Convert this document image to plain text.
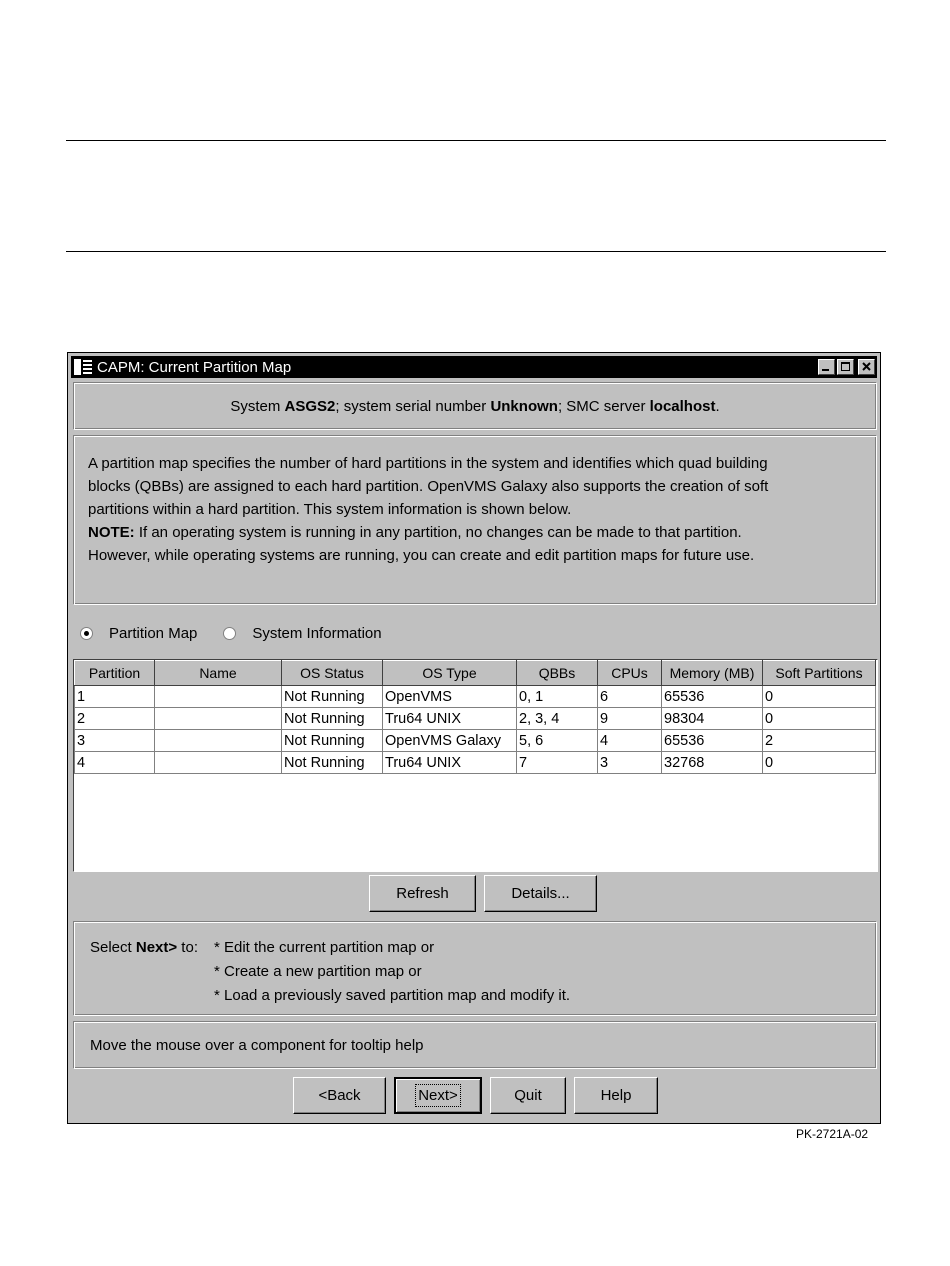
CAPM: Current Partition Map
System ASGS2 ; system serial number Unknown ; SMC server localhost .
A partition map specifies the number of hard partitions in the system and identifies which quad building
blocks (QBBs) are assigned to each hard partition. OpenVMS Galaxy also supports the creation of soft
partitions within a hard partition. This system information is shown below.
NOTE: If an operating system is running in any partition, no changes can be made to that partition.
However, while operating systems are running, you can create and edit partition maps for future use.
Partition Map	System Information
Partition	Name	OS Status	OS Type	QBBs	CPUs	Memory (MB)	Soft Partitions
1		Not Running	OpenVMS	0, 1	6	65536	0
2		Not Running	Tru64 UNIX	2, 3, 4	9	98304	0
3		Not Running	OpenVMS Galaxy	5, 6	4	65536	2
4		Not Running	Tru64 UNIX	7	3	32768	0
Refresh	Details...
Select Next> to:	* Edit the current partition map or
* Create a new partition map or
* Load a previously saved partition map and modify it.
Move the mouse over a component for tooltip help
<Back	Next>	Quit	Help
PK-2721A-02
